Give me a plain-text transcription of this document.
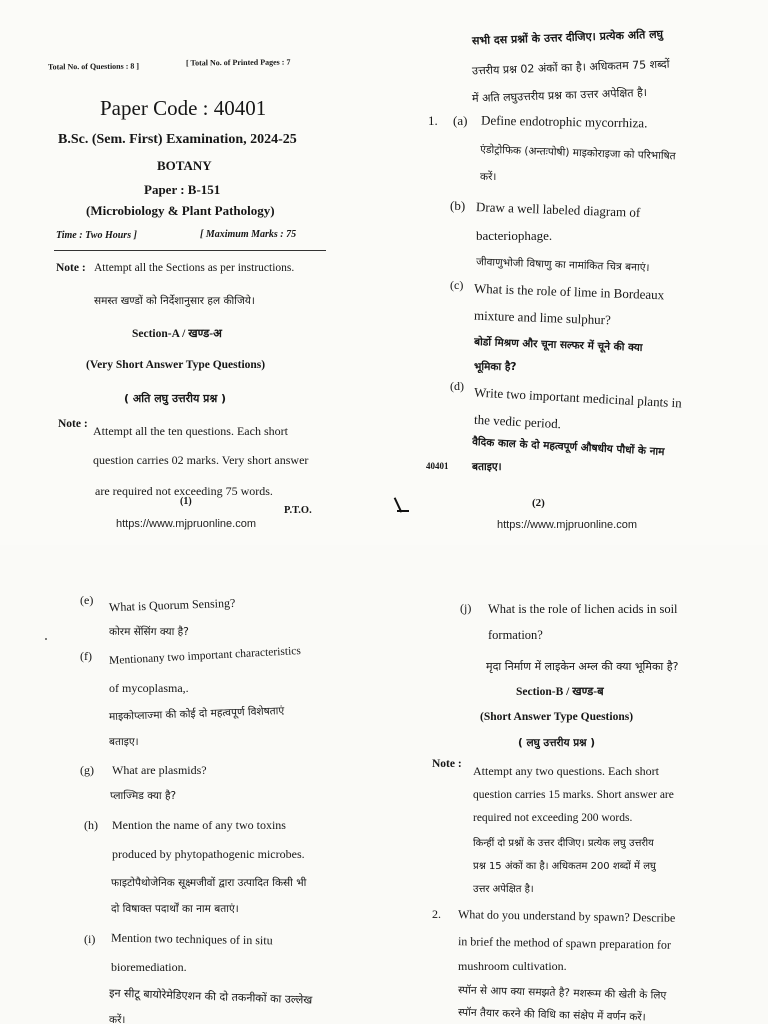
Total No. of Questions : 8 ]	[ Total No. of Printed Pages : 7
Paper Code : 40401
B.Sc. (Sem. First) Examination, 2024-25
BOTANY
Paper : B-151
(Microbiology & Plant Pathology)
Time : Two Hours ]	[ Maximum Marks : 75
Note : Attempt all the Sections as per instructions.
समस्त खण्डों को निर्देशानुसार हल कीजिये।
Section-A / खण्ड-अ
(Very Short Answer Type Questions)
( अति लघु उत्तरीय प्रश्न )
Note : Attempt all the ten questions. Each short
question carries 02 marks. Very short answer
are required not exceeding 75 words.
(1)
P.T.O.
https://www.mjpruonline.com
सभी दस प्रश्नों के उत्तर दीजिए। प्रत्येक अति लघु
उत्तरीय प्रश्न 02 अंकों का है। अधिकतम 75 शब्दों
में अति लघुउत्तरीय प्रश्न का उत्तर अपेक्षित है।
1. (a) Define endotrophic mycorrhiza.
एंडोट्रोफिक (अन्तःपोषी) माइकोराइजा को परिभाषित
करें।
(b) Draw a well labeled diagram of
bacteriophage.
जीवाणुभोजी विषाणु का नामांकित चित्र बनाएं।
(c) What is the role of lime in Bordeaux
mixture and lime sulphur?
बोर्डो मिश्रण और चूना सल्फर में चूने की क्या
भूमिका है?
(d) Write two important medicinal plants in
the vedic period.
वैदिक काल के दो महत्वपूर्ण औषधीय पौधों के नाम
बताइए।
40401
(2)
https://www.mjpruonline.com
(e) What is Quorum Sensing?
कोरम सेंसिंग क्या है?
(f) Mentionany two important characteristics
of mycoplasma,.
माइकोप्लाज्मा की कोई दो महत्वपूर्ण विशेषताएं
बताइए।
(g) What are plasmids?
प्लाज्मिड क्या है?
(h) Mention the name of any two toxins
produced by phytopathogenic microbes.
फाइटोपैथोजेनिक सूक्ष्मजीवों द्वारा उत्पादित किसी भी
दो विषाक्त पदार्थों का नाम बताएं।
(i) Mention two techniques of in situ
bioremediation.
इन सीटू बायोरेमेडिएशन की दो तकनीकों का उल्लेख
करें।
(j) What is the role of lichen acids in soil
formation?
मृदा निर्माण में लाइकेन अम्ल की क्या भूमिका है?
Section-B / खण्ड-ब
(Short Answer Type Questions)
( लघु उत्तरीय प्रश्न )
Note : Attempt any two questions. Each short
question carries 15 marks. Short answer are
required not exceeding 200 words.
किन्हीं दो प्रश्नों के उत्तर दीजिए। प्रत्येक लघु उत्तरीय
प्रश्न 15 अंकों का है। अधिकतम 200 शब्दों में लघु
उत्तर अपेक्षित है।
2. What do you understand by spawn? Describe
in brief the method of spawn preparation for
mushroom cultivation.
स्पॉन से आप क्या समझते है? मशरूम की खेती के लिए
स्पॉन तैयार करने की विधि का संक्षेप में वर्णन करें।
